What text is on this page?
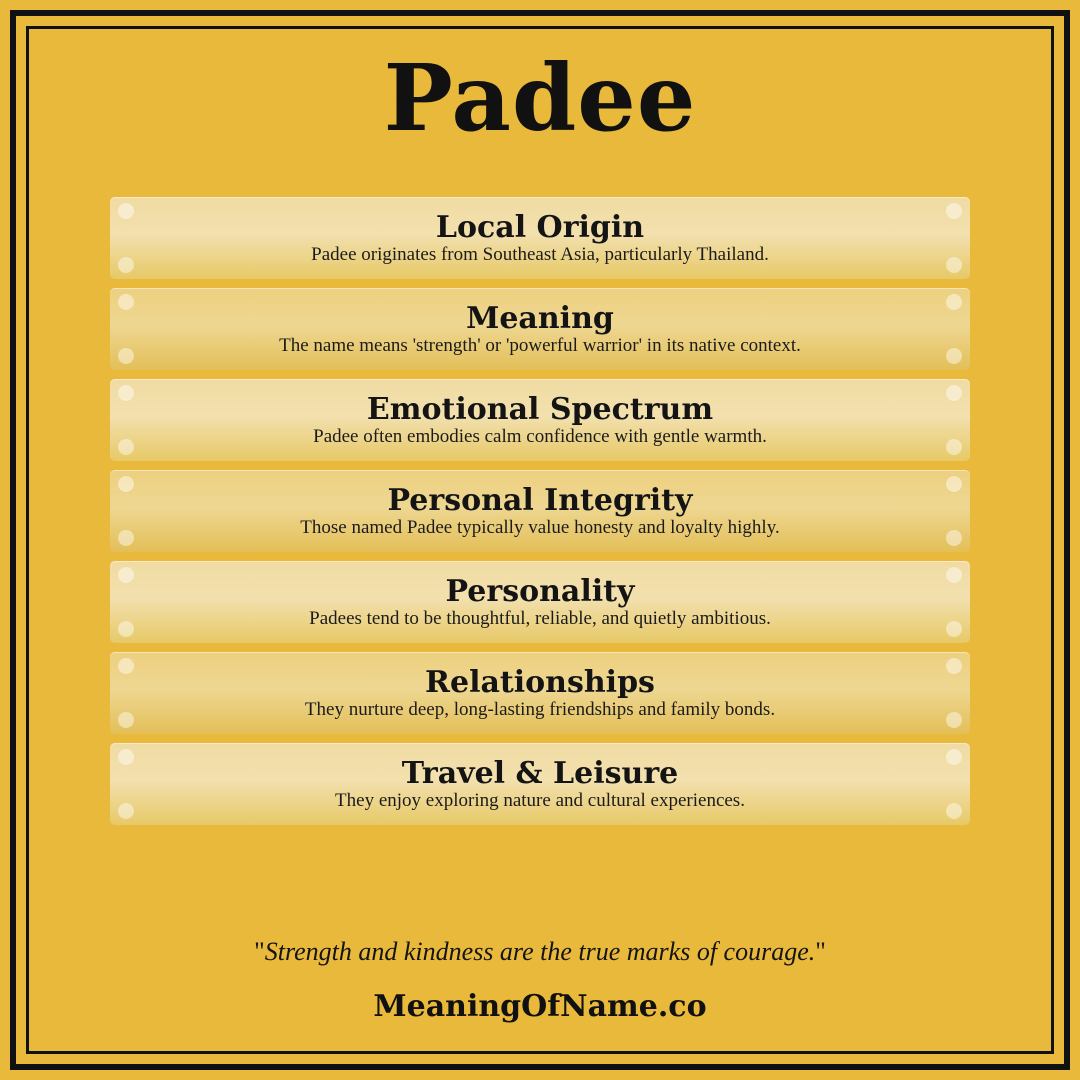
Padee
Local Origin
Padee originates from Southeast Asia, particularly Thailand.
Meaning
The name means 'strength' or 'powerful warrior' in its native context.
Emotional Spectrum
Padee often embodies calm confidence with gentle warmth.
Personal Integrity
Those named Padee typically value honesty and loyalty highly.
Personality
Padees tend to be thoughtful, reliable, and quietly ambitious.
Relationships
They nurture deep, long-lasting friendships and family bonds.
Travel & Leisure
They enjoy exploring nature and cultural experiences.
"Strength and kindness are the true marks of courage."
MeaningOfName.co
